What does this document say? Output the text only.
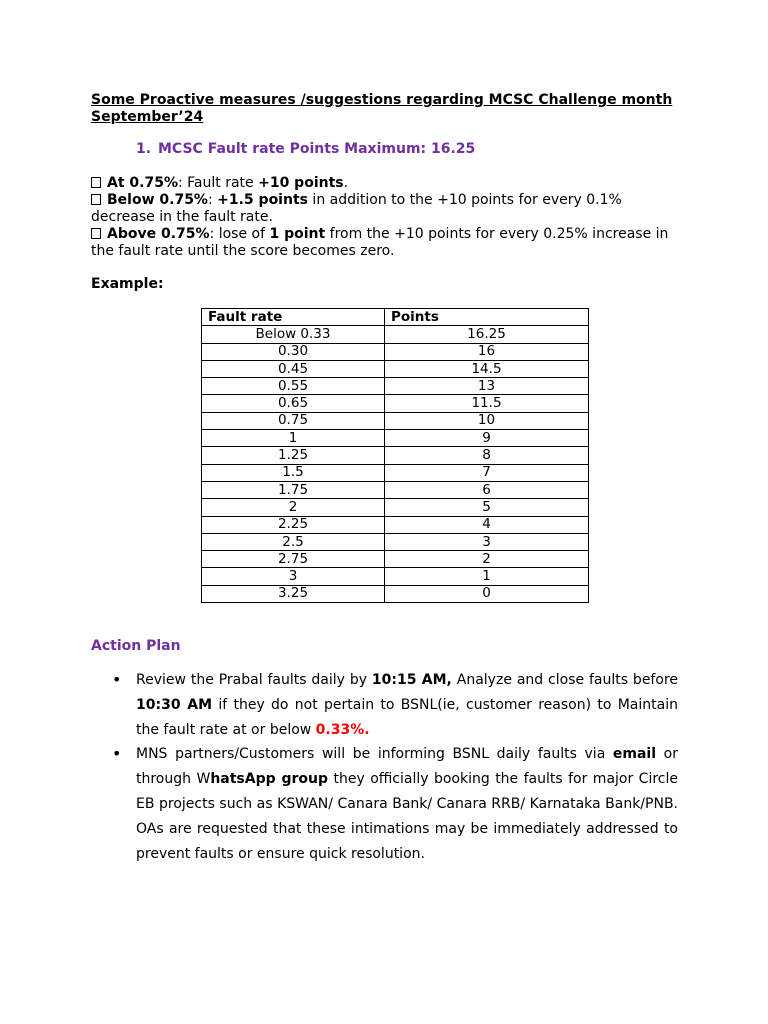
Some Proactive measures /suggestions regarding MCSC Challenge month September’24
1. MCSC Fault rate Points Maximum: 16.25

At 0.75%: Fault rate +10 points.

Below 0.75%: +1.5 points in addition to the +10 points for every 0.1% decrease in the fault rate.

Above 0.75%: lose of 1 point from the +10 points for every 0.25% increase in the fault rate until the score becomes zero.

Example:
Fault rate	Points
Below 0.33	16.25
0.30	16
0.45	14.5
0.55	13
0.65	11.5
0.75	10
1	9
1.25	8
1.5	7
1.75	6
2	5
2.25	4
2.5	3
2.75	2
3	1
3.25	0
Action Plan
• Review the Prabal faults daily by 10:15 AM, Analyze and close faults before 10:30 AM if they do not pertain to BSNL(ie, customer reason) to Maintain the fault rate at or below 0.33%.
• MNS partners/Customers will be informing BSNL daily faults via email or through WhatsApp group they officially booking the faults for major Circle EB projects such as KSWAN/ Canara Bank/ Canara RRB/ Karnataka Bank/PNB. OAs are requested that these intimations may be immediately addressed to prevent faults or ensure quick resolution.
